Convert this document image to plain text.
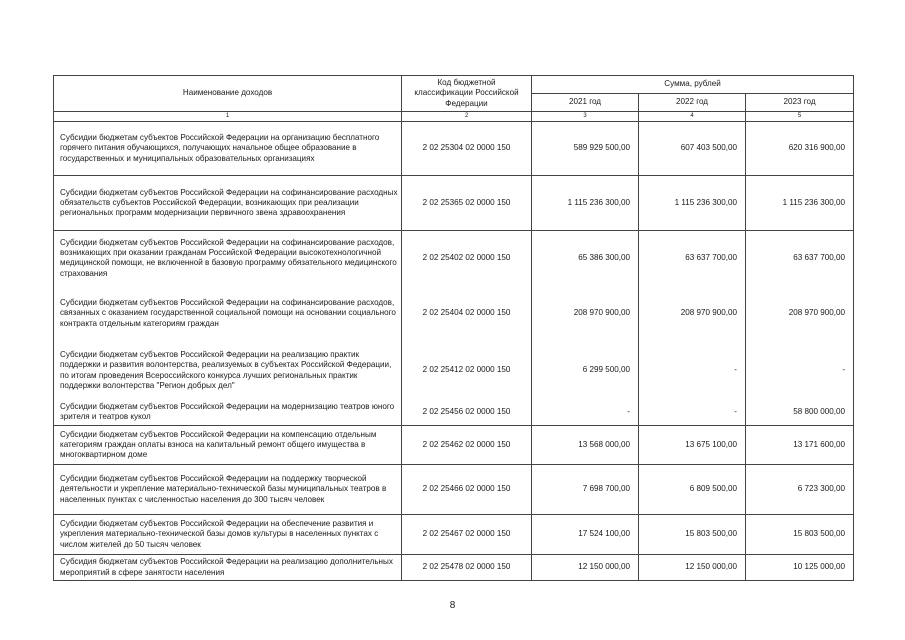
Наименование доходов	Код бюджетной классификации Российской Федерации	Сумма, рублей		
		2021 год	2022 год	2023 год
1	2	3	4	5
Субсидии бюджетам субъектов Российской Федерации на организацию бесплатного горячего питания обучающихся, получающих начальное общее образование в государственных и муниципальных образовательных организациях	2 02 25304 02 0000 150	589 929 500,00	607 403 500,00	620 316 900,00
Субсидии бюджетам субъектов Российской Федерации на софинансирование расходных обязательств субъектов Российской Федерации, возникающих при реализации региональных программ модернизации первичного звена здравоохранения	2 02 25365 02 0000 150	1 115 236 300,00	1 115 236 300,00	1 115 236 300,00
Субсидии бюджетам субъектов Российской Федерации на софинансирование расходов, возникающих при оказании гражданам Российской Федерации высокотехнологичной медицинской помощи, не включенной в базовую программу обязательного медицинского страхования	2 02 25402 02 0000 150	65 386 300,00	63 637 700,00	63 637 700,00
Субсидии бюджетам субъектов Российской Федерации на софинансирование расходов, связанных с оказанием государственной социальной помощи на основании социального контракта отдельным категориям граждан	2 02 25404 02 0000 150	208 970 900,00	208 970 900,00	208 970 900,00
Субсидии бюджетам субъектов Российской Федерации на реализацию практик поддержки и развития волонтерства, реализуемых в субъектах Российской Федерации, по итогам проведения Всероссийского конкурса лучших региональных практик поддержки волонтерства "Регион добрых дел"	2 02 25412 02 0000 150	6 299 500,00	-	-
Субсидии бюджетам субъектов Российской Федерации на модернизацию театров юного зрителя и театров кукол	2 02 25456 02 0000 150	-	-	58 800 000,00
Субсидии бюджетам субъектов Российской Федерации на компенсацию отдельным категориям граждан оплаты взноса на капитальный ремонт общего имущества в многоквартирном доме	2 02 25462 02 0000 150	13 568 000,00	13 675 100,00	13 171 600,00
Субсидии бюджетам субъектов Российской Федерации на поддержку творческой деятельности и укрепление материально-технической базы муниципальных театров в населенных пунктах с численностью населения до 300 тысяч человек	2 02 25466 02 0000 150	7 698 700,00	6 809 500,00	6 723 300,00
Субсидии бюджетам субъектов Российской Федерации на обеспечение развития и укрепления материально-технической базы домов культуры в населенных пунктах с числом жителей до 50 тысяч человек	2 02 25467 02 0000 150	17 524 100,00	15 803 500,00	15 803 500,00
Субсидия бюджетам субъектов Российской Федерации на реализацию дополнительных мероприятий в сфере занятости населения	2 02 25478 02 0000 150	12 150 000,00	12 150 000,00	10 125 000,00
8
